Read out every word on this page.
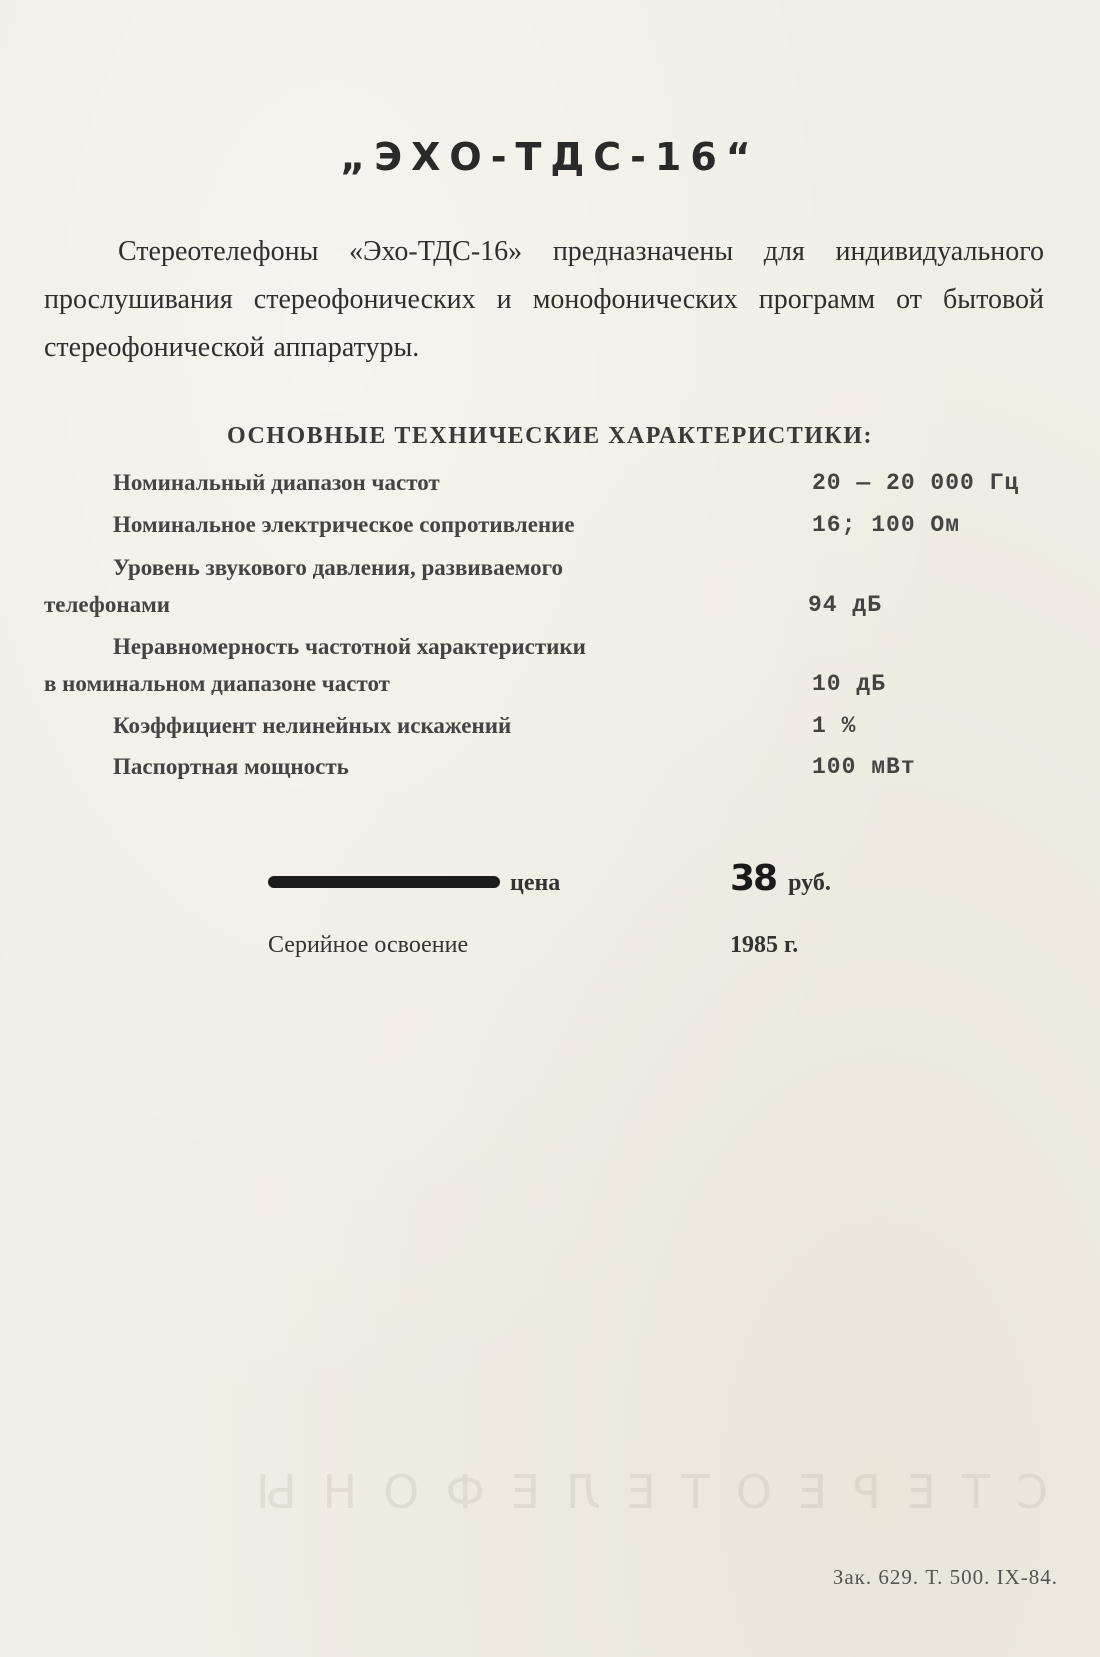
„ЭХО-ТДС-16“
Стереотелефоны «Эхо-ТДС-16» предназначены для индивидуального прослушивания стереофонических и монофонических программ от бытовой стереофонической аппаратуры.
ОСНОВНЫЕ ТЕХНИЧЕСКИЕ ХАРАКТЕРИСТИКИ:
Номинальный диапазон частот	20 — 20 000 Гц
Номинальное электрическое сопротивление	16; 100 Ом
Уровень звукового давления, развиваемого
телефонами	94 дБ
Неравномерность частотной характеристики
в номинальном диапазоне частот	10 дБ
Коэффициент нелинейных искажений	1 %
Паспортная мощность	100 мВт
цена	38 руб.
Серийное освоение	1985 г.
СТЕРЕОТЕЛЕФОНЫ
Зак. 629. Т. 500. IX-84.
